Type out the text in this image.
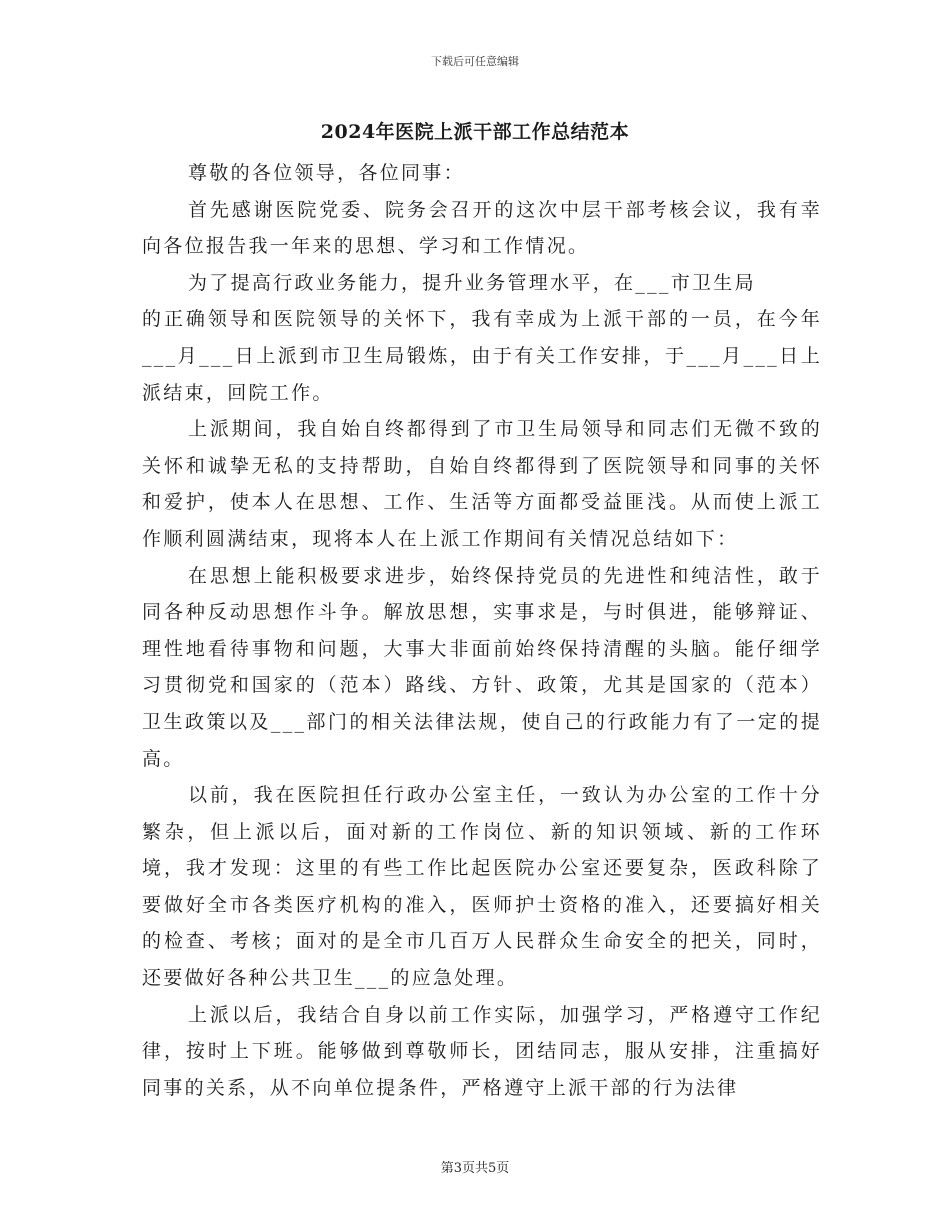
下载后可任意编辑
2024年医院上派干部工作总结范本

尊敬的各位领导，各位同事：

首先感谢医院党委、院务会召开的这次中层干部考核会议，我有幸向各位报告我一年来的思想、学习和工作情况。

为了提高行政业务能力，提升业务管理水平，在___市卫生局

的正确领导和医院领导的关怀下，我有幸成为上派干部的一员，在今年___月___日上派到市卫生局锻炼，由于有关工作安排，于___月___日上派结束，回院工作。

上派期间，我自始自终都得到了市卫生局领导和同志们无微不致的关怀和诚挚无私的支持帮助，自始自终都得到了医院领导和同事的关怀和爱护，使本人在思想、工作、生活等方面都受益匪浅。从而使上派工作顺利圆满结束，现将本人在上派工作期间有关情况总结如下：

在思想上能积极要求进步，始终保持党员的先进性和纯洁性，敢于同各种反动思想作斗争。解放思想，实事求是，与时俱进，能够辩证、理性地看待事物和问题，大事大非面前始终保持清醒的头脑。能仔细学习贯彻党和国家的（范本）路线、方针、政策，尤其是国家的（范本）卫生政策以及___部门的相关法律法规，使自己的行政能力有了一定的提高。

以前，我在医院担任行政办公室主任，一致认为办公室的工作十分繁杂，但上派以后，面对新的工作岗位、新的知识领域、新的工作环境，我才发现：这里的有些工作比起医院办公室还要复杂，医政科除了要做好全市各类医疗机构的准入，医师护士资格的准入，还要搞好相关的检查、考核；面对的是全市几百万人民群众生命安全的把关，同时，还要做好各种公共卫生___的应急处理。

上派以后，我结合自身以前工作实际，加强学习，严格遵守工作纪律，按时上下班。能够做到尊敬师长，团结同志，服从安排，注重搞好同事的关系，从不向单位提条件，严格遵守上派干部的行为法律

第3页共5页
